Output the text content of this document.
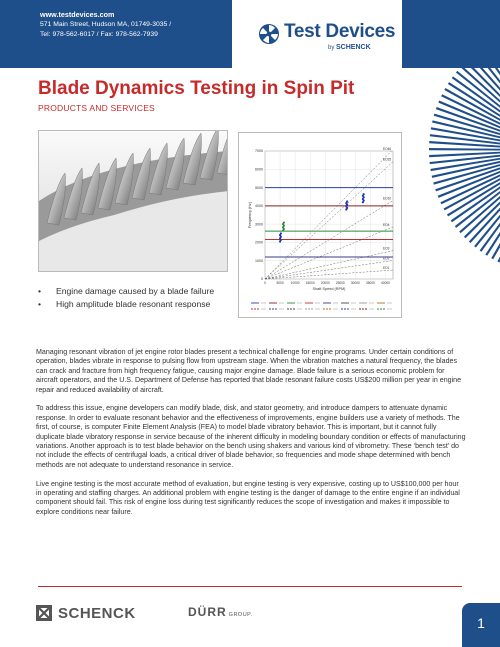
www.testdevices.com
571 Main Street, Hudson MA, 01749-3035 /
Tel: 978-562-6017 / Fax: 978-562-7939	Test Devices
by SCHENCK
Blade Dynamics Testing in Spin Pit
PRODUCTS AND SERVICES
• Engine damage caused by a blade failure
• High amplitude blade resonant response
EO46
EO25
EO10
EO4
EO3
EO2
EO1
0
1000
2000
3000
4000
5000
6000
7000
0	5000 10000 15000 20000 25000 30000 35000 40000
Shaft Speed (RPM)
Frequency (Hz)

Managing resonant vibration of jet engine rotor blades present a technical challenge for engine programs. Under certain conditions of operation, blades vibrate in response to pulsing flow from upstream stage. When the vibration matches a natural frequency, the blades can crack and fracture from high frequency fatigue, causing major engine damage. Blade failure is a serious economic problem for aircraft operators, and the U.S. Department of Defense has reported that blade resonant failure costs US$200 million per year in engine repair and reduced availability of aircraft.

To address this issue, engine developers can modify blade, disk, and stator geometry, and introduce dampers to attenuate dynamic response. In order to evaluate resonant behavior and the effectiveness of improvements, engine builders use a variety of methods. The first, of course, is computer Finite Element Analysis (FEA) to model blade vibratory behavior. This is important, but it cannot fully duplicate blade vibratory response in service because of the inherent difficulty in modeling boundary condition or effects of manufacturing variations. Another approach is to test blade behavior on the bench using shakers and various kind of vibrometry. These ‘bench test’ do not include the effects of centrifugal loads, a critical driver of blade behavior, so frequencies and mode shape determined with bench methods are not adequate to understand resonance in service.

Live engine testing is the most accurate method of evaluation, but engine testing is very expensive, costing up to US$100,000 per hour in operating and staffing charges. An additional problem with engine testing is the danger of damage to the entire engine if an individual component should fail. This risk of engine loss during test significantly reduces the scope of investigation and makes it impossible to explore conditions near failure.

SCHENCK	DÜRR GROUP.	1
